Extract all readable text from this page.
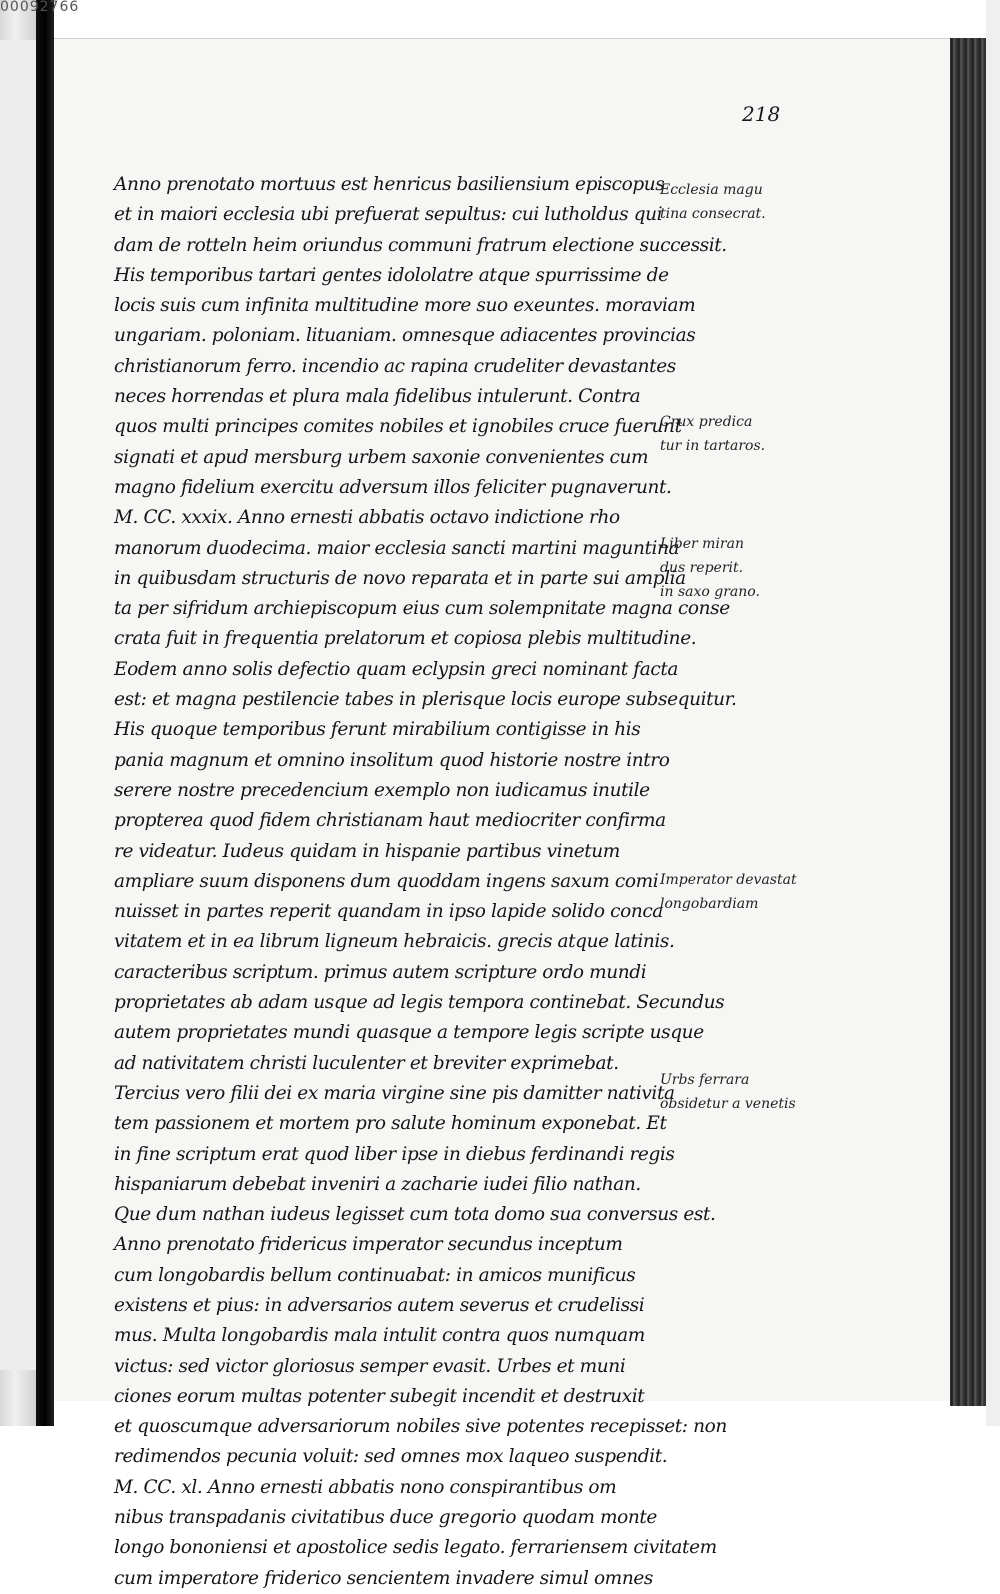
00092766
218
Anno prenotato mortuus est henricus basiliensium episcopus
et in maiori ecclesia ubi prefuerat sepultus: cui lutholdus qui
dam de rotteln heim oriundus communi fratrum electione successit.
His temporibus tartari gentes idololatre atque spurrissime de
locis suis cum infinita multitudine more suo exeuntes. moraviam
ungariam. poloniam. lituaniam. omnesque adiacentes provincias
christianorum ferro. incendio ac rapina crudeliter devastantes
neces horrendas et plura mala fidelibus intulerunt. Contra
quos multi principes comites nobiles et ignobiles cruce fuerunt
signati et apud mersburg urbem saxonie convenientes cum
magno fidelium exercitu adversum illos feliciter pugnaverunt.
M. CC. xxxix. Anno ernesti abbatis octavo indictione rho
manorum duodecima. maior ecclesia sancti martini maguntina
in quibusdam structuris de novo reparata et in parte sui amplia
ta per sifridum archiepiscopum eius cum solempnitate magna conse
crata fuit in frequentia prelatorum et copiosa plebis multitudine.
Eodem anno solis defectio quam eclypsin greci nominant facta
est: et magna pestilencie tabes in plerisque locis europe subsequitur.
His quoque temporibus ferunt mirabilium contigisse in his
pania magnum et omnino insolitum quod historie nostre intro
serere nostre precedencium exemplo non iudicamus inutile
propterea quod fidem christianam haut mediocriter confirma
re videatur. Iudeus quidam in hispanie partibus vinetum
ampliare suum disponens dum quoddam ingens saxum comi
nuisset in partes reperit quandam in ipso lapide solido conca
vitatem et in ea librum ligneum hebraicis. grecis atque latinis.
caracteribus scriptum. primus autem scripture ordo mundi
proprietates ab adam usque ad legis tempora continebat. Secundus
autem proprietates mundi quasque a tempore legis scripte usque
ad nativitatem christi luculenter et breviter exprimebat.
Tercius vero filii dei ex maria virgine sine pis damitter nativita
tem passionem et mortem pro salute hominum exponebat. Et
in fine scriptum erat quod liber ipse in diebus ferdinandi regis
hispaniarum debebat inveniri a zacharie iudei filio nathan.
Que dum nathan iudeus legisset cum tota domo sua conversus est.
Anno prenotato fridericus imperator secundus inceptum
cum longobardis bellum continuabat: in amicos munificus
existens et pius: in adversarios autem severus et crudelissi
mus. Multa longobardis mala intulit contra quos numquam
victus: sed victor gloriosus semper evasit. Urbes et muni
ciones eorum multas potenter subegit incendit et destruxit
et quoscumque adversariorum nobiles sive potentes recepisset: non
redimendos pecunia voluit: sed omnes mox laqueo suspendit.
M. CC. xl. Anno ernesti abbatis nono conspirantibus om
nibus transpadanis civitatibus duce gregorio quodam monte
longo bononiensi et apostolice sedis legato. ferrariensem civitatem
cum imperatore friderico sencientem invadere simul omnes
Ecclesia magu
tina consecrat.
Crux predica
tur in tartaros.
Liber miran
dus reperit.
in saxo grano.
Imperator devastat
longobardiam
Urbs ferrara
obsidetur a venetis
